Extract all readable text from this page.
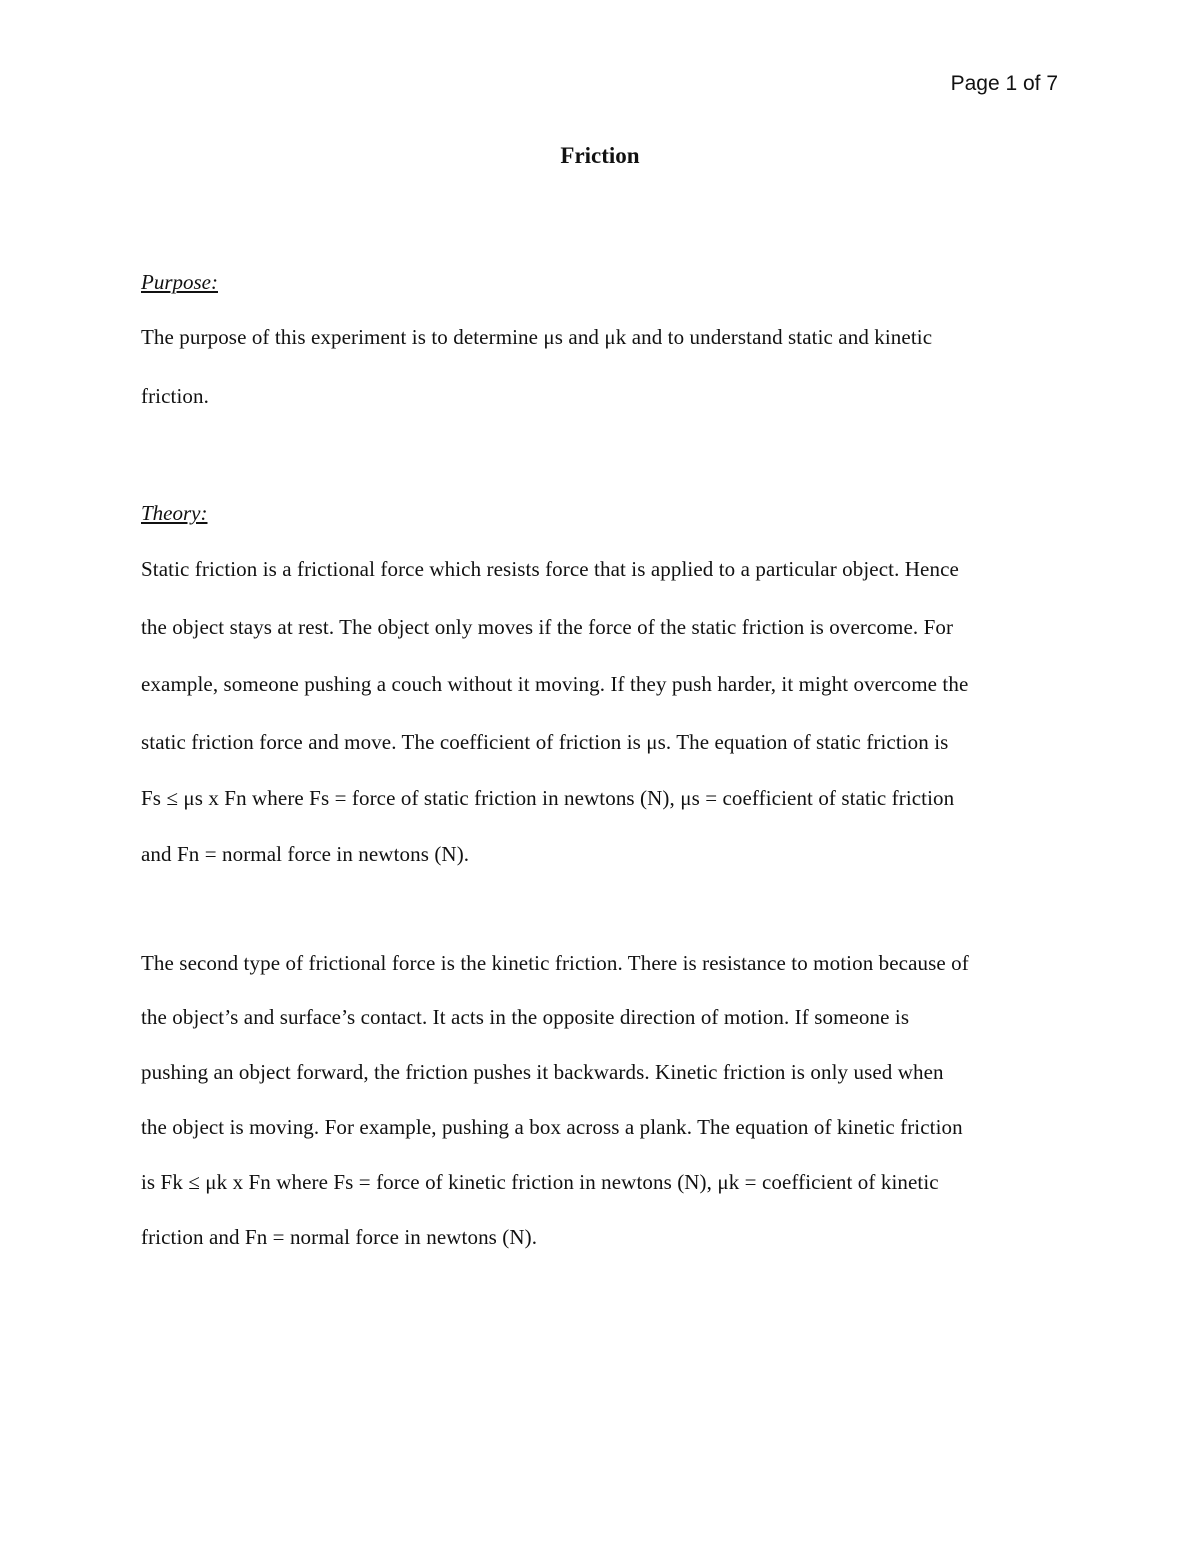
Page 1 of 7
Friction
Purpose:
The purpose of this experiment is to determine μs and μk and to understand static and kinetic
friction.
Theory:
Static friction is a frictional force which resists force that is applied to a particular object. Hence
the object stays at rest. The object only moves if the force of the static friction is overcome. For
example, someone pushing a couch without it moving. If they push harder, it might overcome the
static friction force and move. The coefficient of friction is μs. The equation of static friction is
Fs ≤ μs x Fn where Fs = force of static friction in newtons (N), μs = coefficient of static friction
and Fn = normal force in newtons (N).
The second type of frictional force is the kinetic friction. There is resistance to motion because of
the object’s and surface’s contact. It acts in the opposite direction of motion. If someone is
pushing an object forward, the friction pushes it backwards. Kinetic friction is only used when
the object is moving. For example, pushing a box across a plank. The equation of kinetic friction
is Fk ≤ μk x Fn where Fs = force of kinetic friction in newtons (N), μk = coefficient of kinetic
friction and Fn = normal force in newtons (N).
